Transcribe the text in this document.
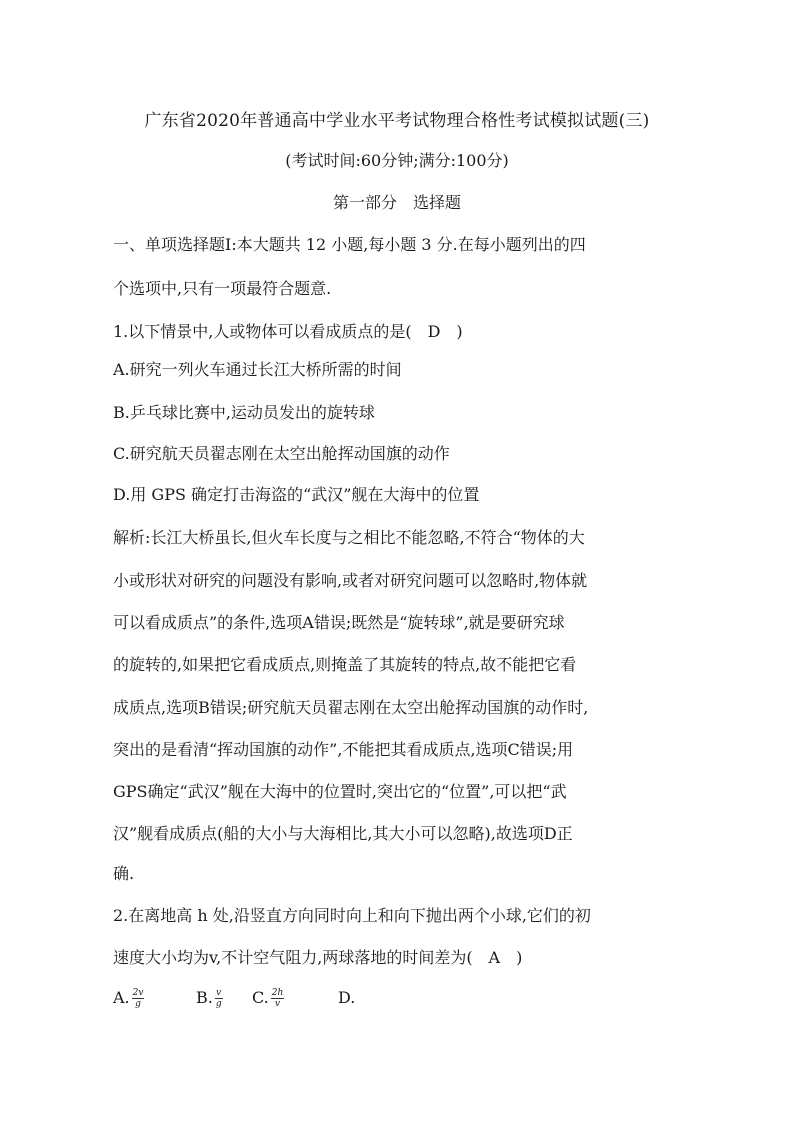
广东省2020年普通高中学业水平考试物理合格性考试模拟试题(三)
(考试时间:60分钟;满分:100分)
第一部分　选择题
一、单项选择题Ⅰ:本大题共 12 小题,每小题 3 分.在每小题列出的四
个选项中,只有一项最符合题意.
1.以下情景中,人或物体可以看成质点的是(　D　)
A.研究一列火车通过长江大桥所需的时间
B.乒乓球比赛中,运动员发出的旋转球
C.研究航天员翟志刚在太空出舱挥动国旗的动作
D.用 GPS 确定打击海盗的“武汉”舰在大海中的位置
解析:长江大桥虽长,但火车长度与之相比不能忽略,不符合“物体的大
小或形状对研究的问题没有影响,或者对研究问题可以忽略时,物体就
可以看成质点”的条件,选项A错误;既然是“旋转球”,就是要研究球
的旋转的,如果把它看成质点,则掩盖了其旋转的特点,故不能把它看
成质点,选项B错误;研究航天员翟志刚在太空出舱挥动国旗的动作时,
突出的是看清“挥动国旗的动作”,不能把其看成质点,选项C错误;用
GPS确定“武汉”舰在大海中的位置时,突出它的“位置”,可以把“武
汉”舰看成质点(船的大小与大海相比,其大小可以忽略),故选项D正
确.
2.在离地高 h 处,沿竖直方向同时向上和向下抛出两个小球,它们的初
速度大小均为v,不计空气阻力,两球落地的时间差为(　A　)
A. $\frac{2v}{g}$	B. $\frac{v}{g} C$. $\frac{2h}{v}$	D.
